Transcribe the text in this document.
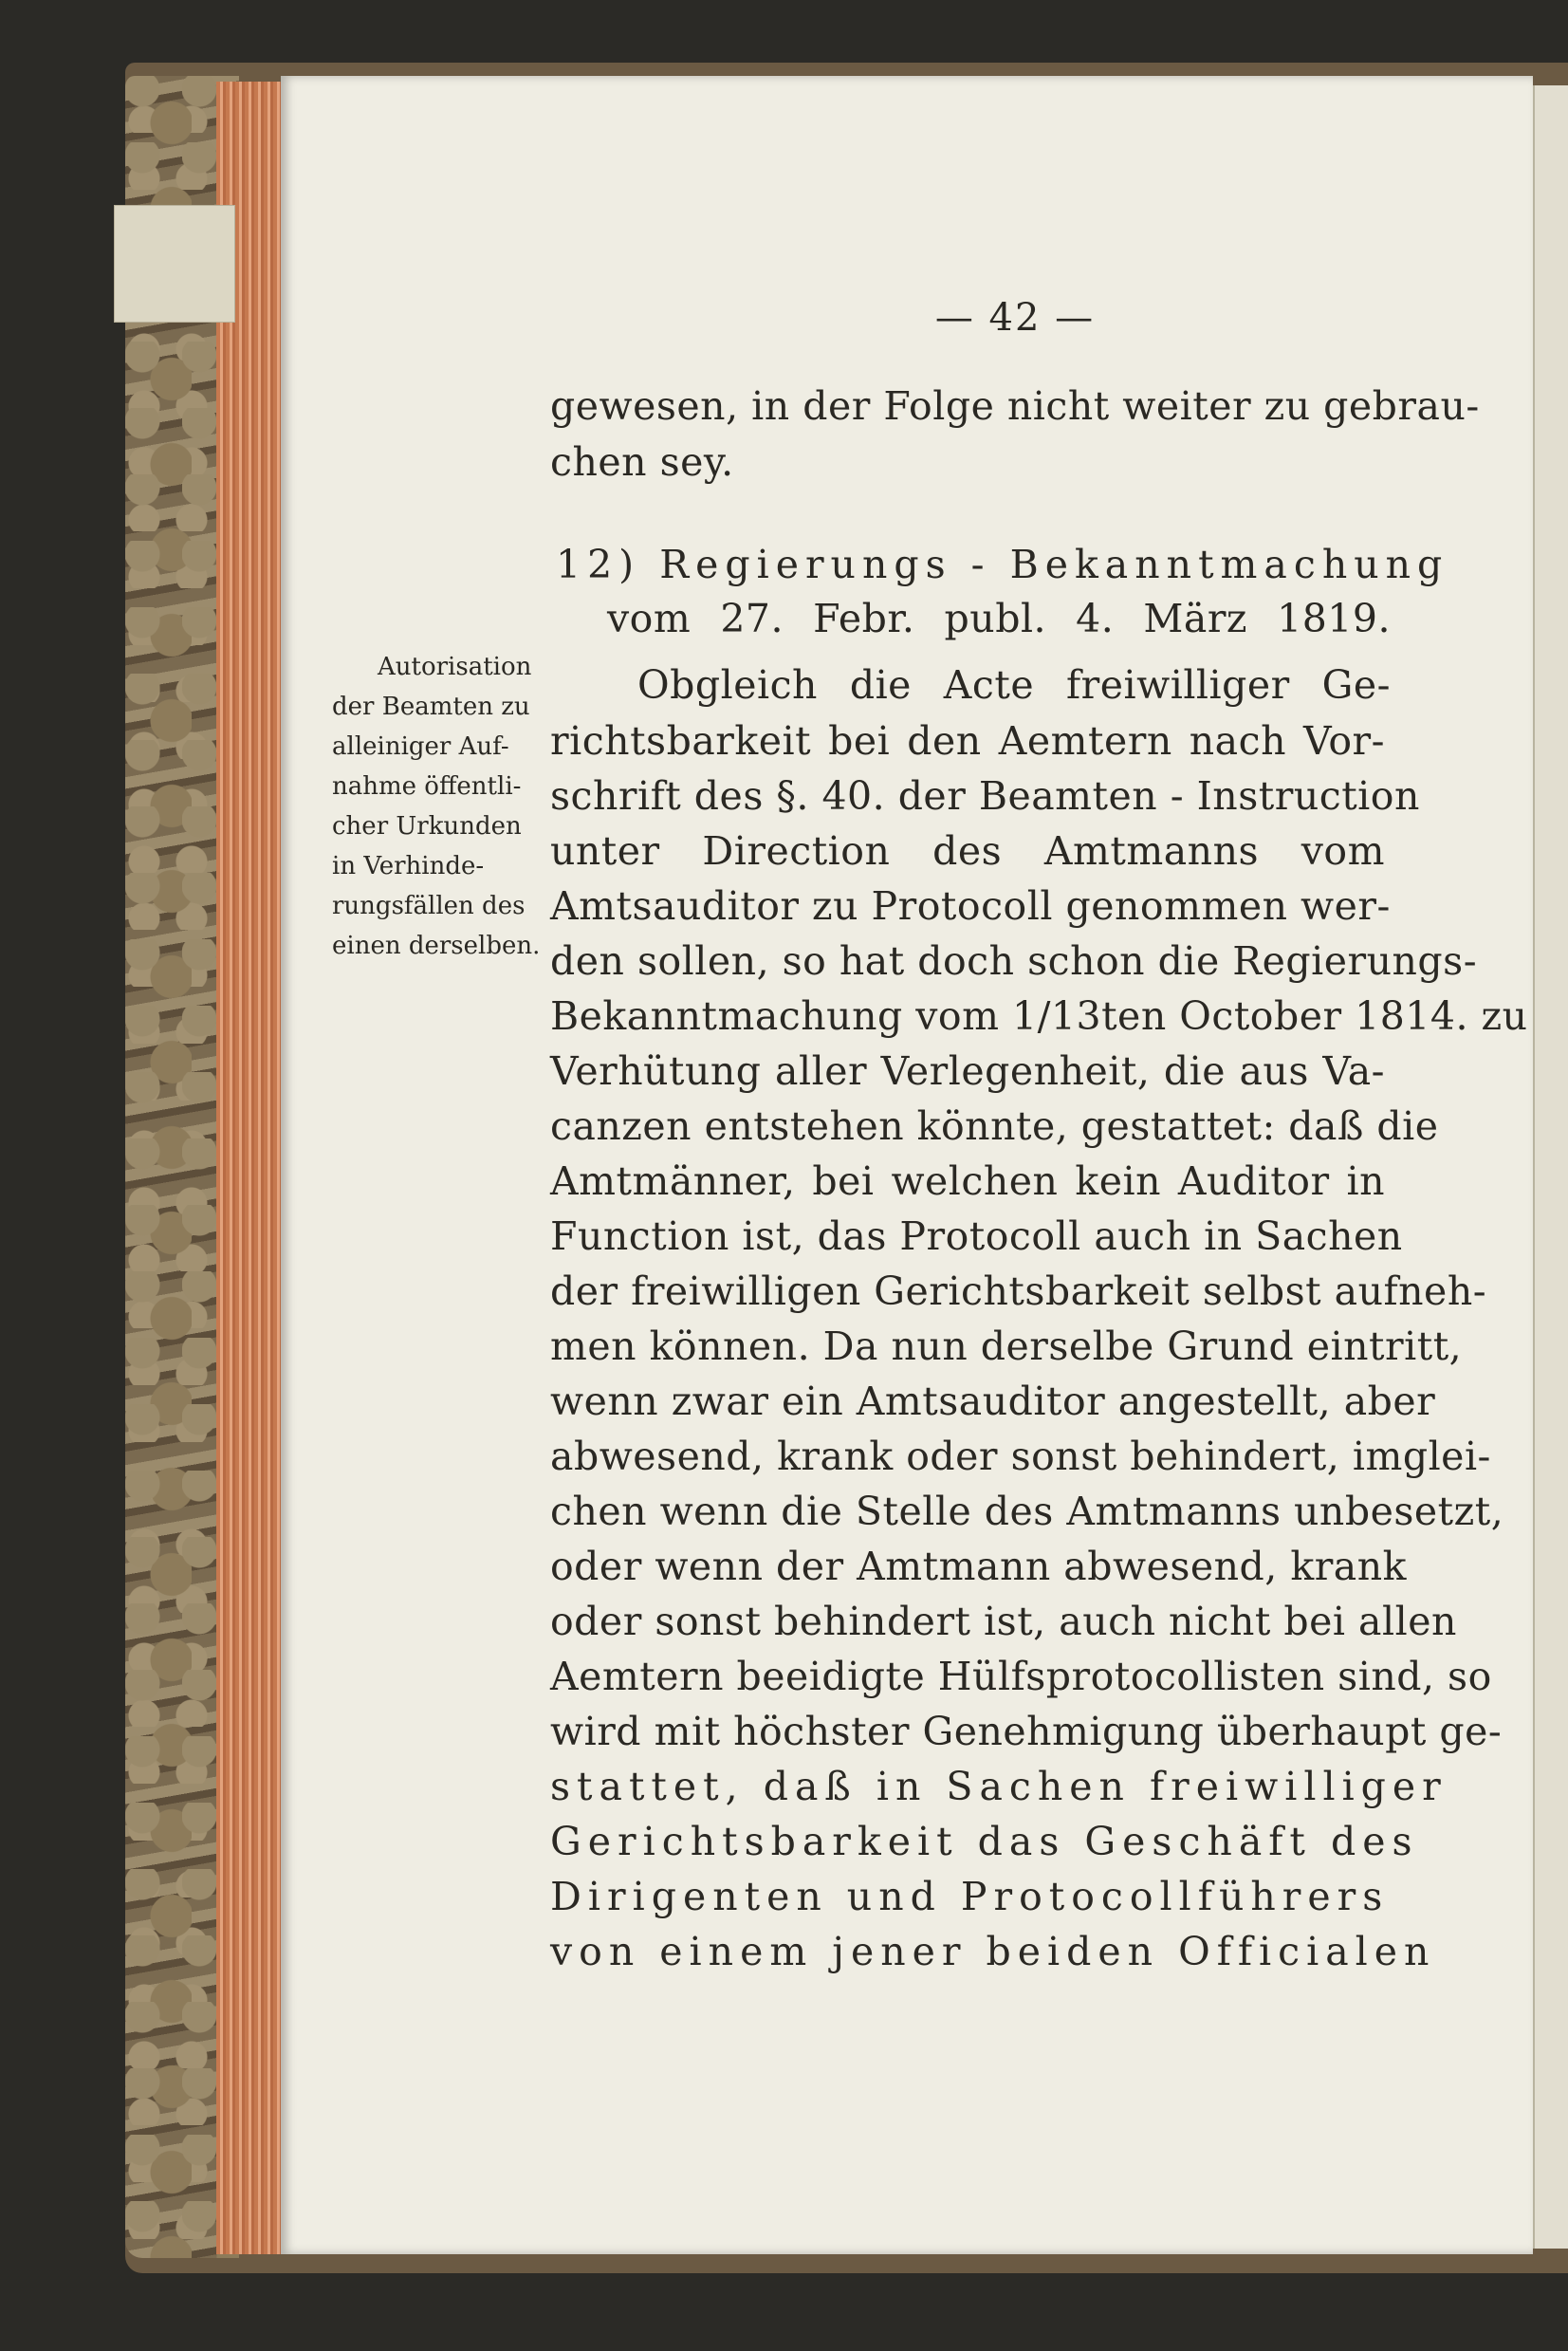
— 42 —
gewesen, in der Folge nicht weiter zu gebrau-
chen sey.
12) Regierungs - Bekanntmachung
vom 27. Febr. publ. 4. März 1819.
Obgleich die Acte freiwilliger Ge-
richtsbarkeit bei den Aemtern nach Vor-
schrift des §. 40. der Beamten - Instruction
unter Direction des Amtmanns vom
Amtsauditor zu Protocoll genommen wer-
den sollen, so hat doch schon die Regierungs-
Bekanntmachung vom 1/13ten October 1814. zu
Verhütung aller Verlegenheit, die aus Va-
canzen entstehen könnte, gestattet: daß die
Amtmänner, bei welchen kein Auditor in
Function ist, das Protocoll auch in Sachen
der freiwilligen Gerichtsbarkeit selbst aufneh-
men können. Da nun derselbe Grund eintritt,
wenn zwar ein Amtsauditor angestellt, aber
abwesend, krank oder sonst behindert, imglei-
chen wenn die Stelle des Amtmanns unbesetzt,
oder wenn der Amtmann abwesend, krank
oder sonst behindert ist, auch nicht bei allen
Aemtern beeidigte Hülfsprotocollisten sind, so
wird mit höchster Genehmigung überhaupt ge-
stattet, daß in Sachen freiwilliger
Gerichtsbarkeit das Geschäft des
Dirigenten und Protocollführers
von einem jener beiden Officialen
Autorisation
der Beamten zu
alleiniger Auf-
nahme öffentli-
cher Urkunden
in Verhinde-
rungsfällen des
einen derselben.
